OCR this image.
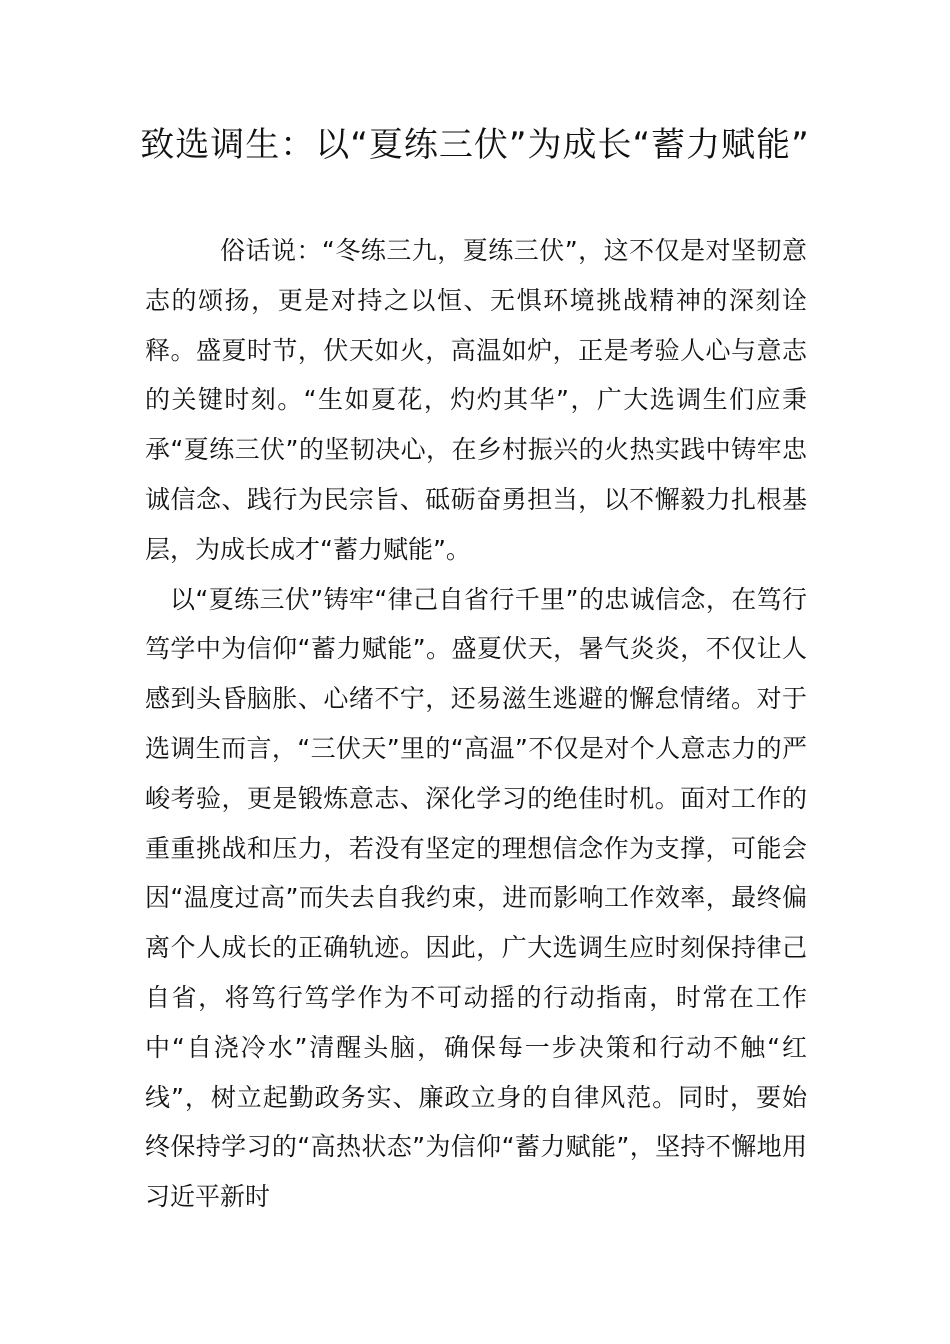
致选调生：以“夏练三伏”为成长“蓄力赋能”

俗话说：“冬练三九，夏练三伏”，这不仅是对坚韧意志的颂扬，更是对持之以恒、无惧环境挑战精神的深刻诠释。盛夏时节，伏天如火，高温如炉，正是考验人心与意志的关键时刻。“生如夏花，灼灼其华”，广大选调生们应秉承“夏练三伏”的坚韧决心，在乡村振兴的火热实践中铸牢忠诚信念、践行为民宗旨、砥砺奋勇担当，以不懈毅力扎根基层，为成长成才“蓄力赋能”。

以“夏练三伏”铸牢“律己自省行千里”的忠诚信念，在笃行笃学中为信仰“蓄力赋能”。盛夏伏天，暑气炎炎，不仅让人感到头昏脑胀、心绪不宁，还易滋生逃避的懈怠情绪。对于选调生而言，“三伏天”里的“高温”不仅是对个人意志力的严峻考验，更是锻炼意志、深化学习的绝佳时机。面对工作的重重挑战和压力，若没有坚定的理想信念作为支撑，可能会因“温度过高”而失去自我约束，进而影响工作效率，最终偏离个人成长的正确轨迹。因此，广大选调生应时刻保持律己自省，将笃行笃学作为不可动摇的行动指南，时常在工作中“自浇冷水”清醒头脑，确保每一步决策和行动不触“红线”，树立起勤政务实、廉政立身的自律风范。同时，要始终保持学习的“高热状态”为信仰“蓄力赋能”，坚持不懈地用习近平新时
